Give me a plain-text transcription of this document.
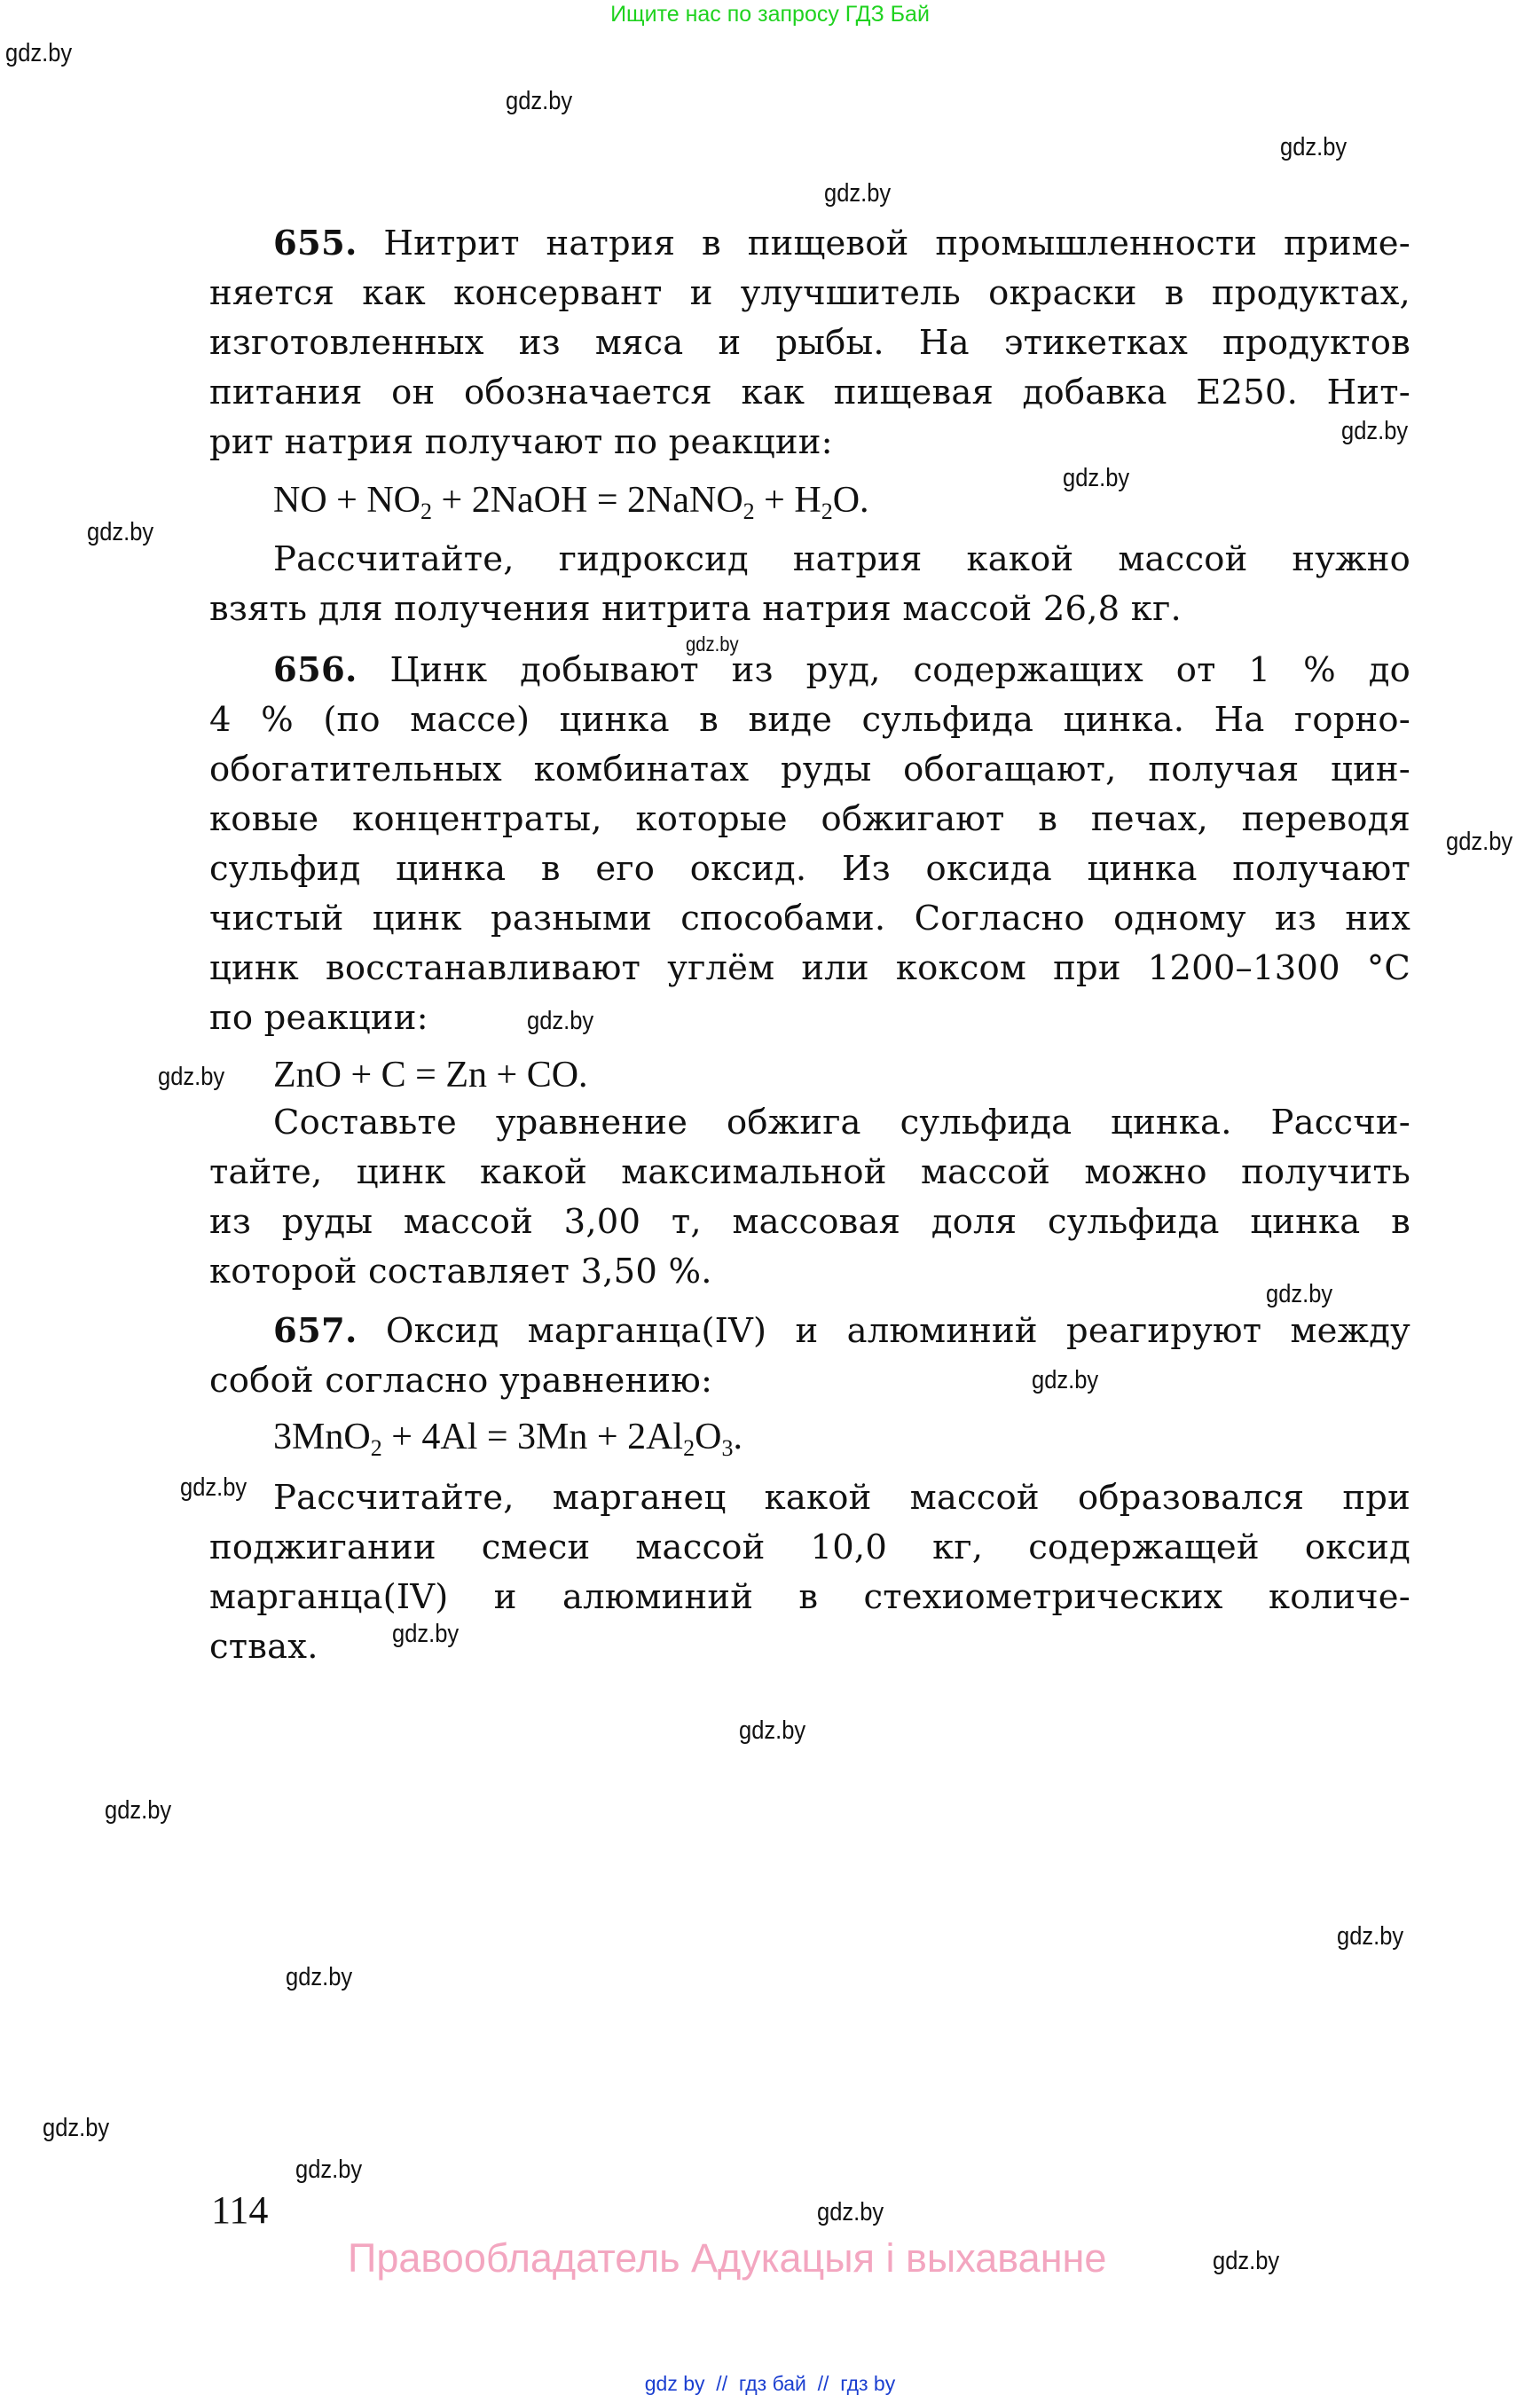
Ищите нас по запросу ГДЗ Бай
gdz.by
gdz.by
gdz.by
gdz.by
gdz.by
gdz.by
gdz.by
gdz.by
gdz.by
gdz.by
gdz.by
gdz.by
gdz.by
gdz.by
gdz.by
gdz.by
gdz.by
gdz.by
gdz.by
gdz.by
gdz.by
gdz.by
gdz.by
655. Нитрит натрия в пищевой промышленности приме-
няется как консервант и улучшитель окраски в продуктах,
изготовленных из мяса и рыбы. На этикетках продуктов
питания он обозначается как пищевая добавка E250. Нит-
рит натрия получают по реакции:
NO + $NO_2$ + 2NaOH = 2NaNO$_2$ + $H_2O$.
Рассчитайте, гидроксид натрия какой массой нужно
взять для получения нитрита натрия массой 26,8 кг.
656. Цинк добывают из руд, содержащих от 1 % до
4 % (по массе) цинка в виде сульфида цинка. На горно-
обогатительных комбинатах руды обогащают, получая цин-
ковые концентраты, которые обжигают в печах, переводя
сульфид цинка в его оксид. Из оксида цинка получают
чистый цинк разными способами. Согласно одному из них
цинк восстанавливают углём или коксом при 1200–1300 °C
по реакции:
ZnO + C = Zn + CO.
Составьте уравнение обжига сульфида цинка. Рассчи-
тайте, цинк какой максимальной массой можно получить
из руды массой 3,00 т, массовая доля сульфида цинка в
которой составляет 3,50 %.
657. Оксид марганца(IV) и алюминий реагируют между
собой согласно уравнению:
$3MnO_2 + 4Al = 3Mn + 2Al_2O_3$.
Рассчитайте, марганец какой массой образовался при
поджигании смеси массой 10,0 кг, содержащей оксид
марганца(IV) и алюминий в стехиометрических количе-
ствах.
114
Правообладатель Адукацыя і выхаванне
gdz by  //  гдз бай  //  гдз by
